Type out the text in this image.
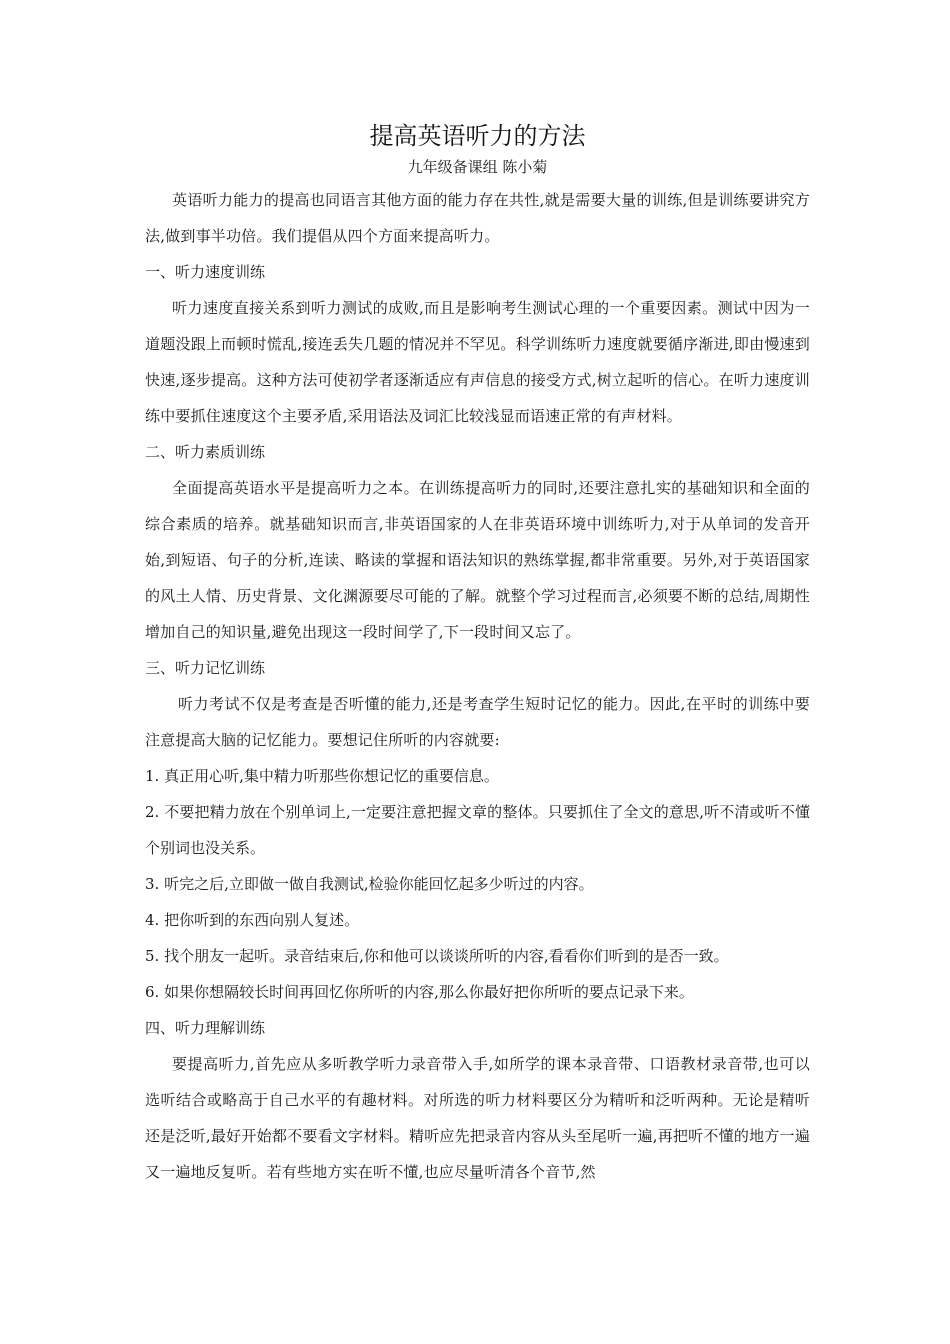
提高英语听力的方法

九年级备课组 陈小菊

英语听力能力的提高也同语言其他方面的能力存在共性,就是需要大量的训练,但是训练要讲究方法,做到事半功倍。我们提倡从四个方面来提高听力。

一、听力速度训练

听力速度直接关系到听力测试的成败,而且是影响考生测试心理的一个重要因素。测试中因为一道题没跟上而顿时慌乱,接连丢失几题的情况并不罕见。科学训练听力速度就要循序渐进,即由慢速到快速,逐步提高。这种方法可使初学者逐渐适应有声信息的接受方式,树立起听的信心。在听力速度训练中要抓住速度这个主要矛盾,采用语法及词汇比较浅显而语速正常的有声材料。

二、听力素质训练

全面提高英语水平是提高听力之本。在训练提高听力的同时,还要注意扎实的基础知识和全面的综合素质的培养。就基础知识而言,非英语国家的人在非英语环境中训练听力,对于从单词的发音开始,到短语、句子的分析,连读、略读的掌握和语法知识的熟练掌握,都非常重要。另外,对于英语国家的风土人情、历史背景、文化渊源要尽可能的了解。就整个学习过程而言,必须要不断的总结,周期性增加自己的知识量,避免出现这一段时间学了,下一段时间又忘了。

三、听力记忆训练

听力考试不仅是考查是否听懂的能力,还是考查学生短时记忆的能力。因此,在平时的训练中要注意提高大脑的记忆能力。要想记住所听的内容就要:

1. 真正用心听,集中精力听那些你想记忆的重要信息。

2. 不要把精力放在个别单词上,一定要注意把握文章的整体。只要抓住了全文的意思,听不清或听不懂个别词也没关系。

3. 听完之后,立即做一做自我测试,检验你能回忆起多少听过的内容。

4. 把你听到的东西向别人复述。

5. 找个朋友一起听。录音结束后,你和他可以谈谈所听的内容,看看你们听到的是否一致。

6. 如果你想隔较长时间再回忆你所听的内容,那么你最好把你所听的要点记录下来。

四、听力理解训练

要提高听力,首先应从多听教学听力录音带入手,如所学的课本录音带、口语教材录音带,也可以选听结合或略高于自己水平的有趣材料。对所选的听力材料要区分为精听和泛听两种。无论是精听还是泛听,最好开始都不要看文字材料。精听应先把录音内容从头至尾听一遍,再把听不懂的地方一遍又一遍地反复听。若有些地方实在听不懂,也应尽量听清各个音节,然
